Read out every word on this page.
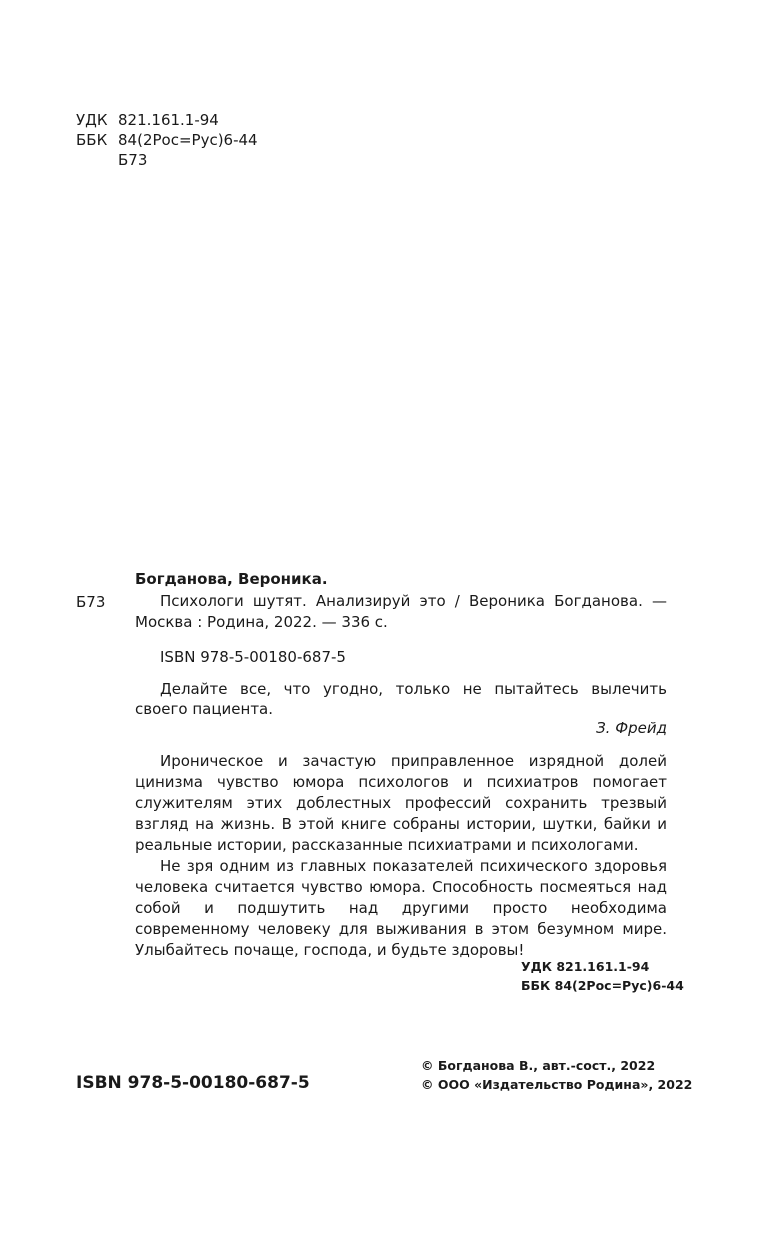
УДК 821.161.1-94
ББК 84(2Рос=Рус)6-44
Б73
Богданова, Вероника.
Б73	Психологи шутят. Анализируй это / Вероника Богданова. — Москва : Родина, 2022. — 336 с.
ISBN 978-5-00180-687-5
Делайте все, что угодно, только не пытайтесь вылечить своего пациента.
З. Фрейд

Ироническое и зачастую приправленное изрядной долей цинизма чувство юмора психологов и психиатров помогает служителям этих доблестных профессий сохранить трезвый взгляд на жизнь. В этой книге собраны истории, шутки, байки и реальные истории, рассказанные психиатрами и психологами.

Не зря одним из главных показателей психического здоровья человека считается чувство юмора. Способность посмеяться над собой и подшутить над другими просто необходима современному человеку для выживания в этом безумном мире. Улыбайтесь почаще, господа, и будьте здоровы!

УДК 821.161.1-94
ББК 84(2Рос=Рус)6-44
ISBN 978-5-00180-687-5
© Богданова В., авт.-сост., 2022
© ООО «Издательство Родина», 2022
